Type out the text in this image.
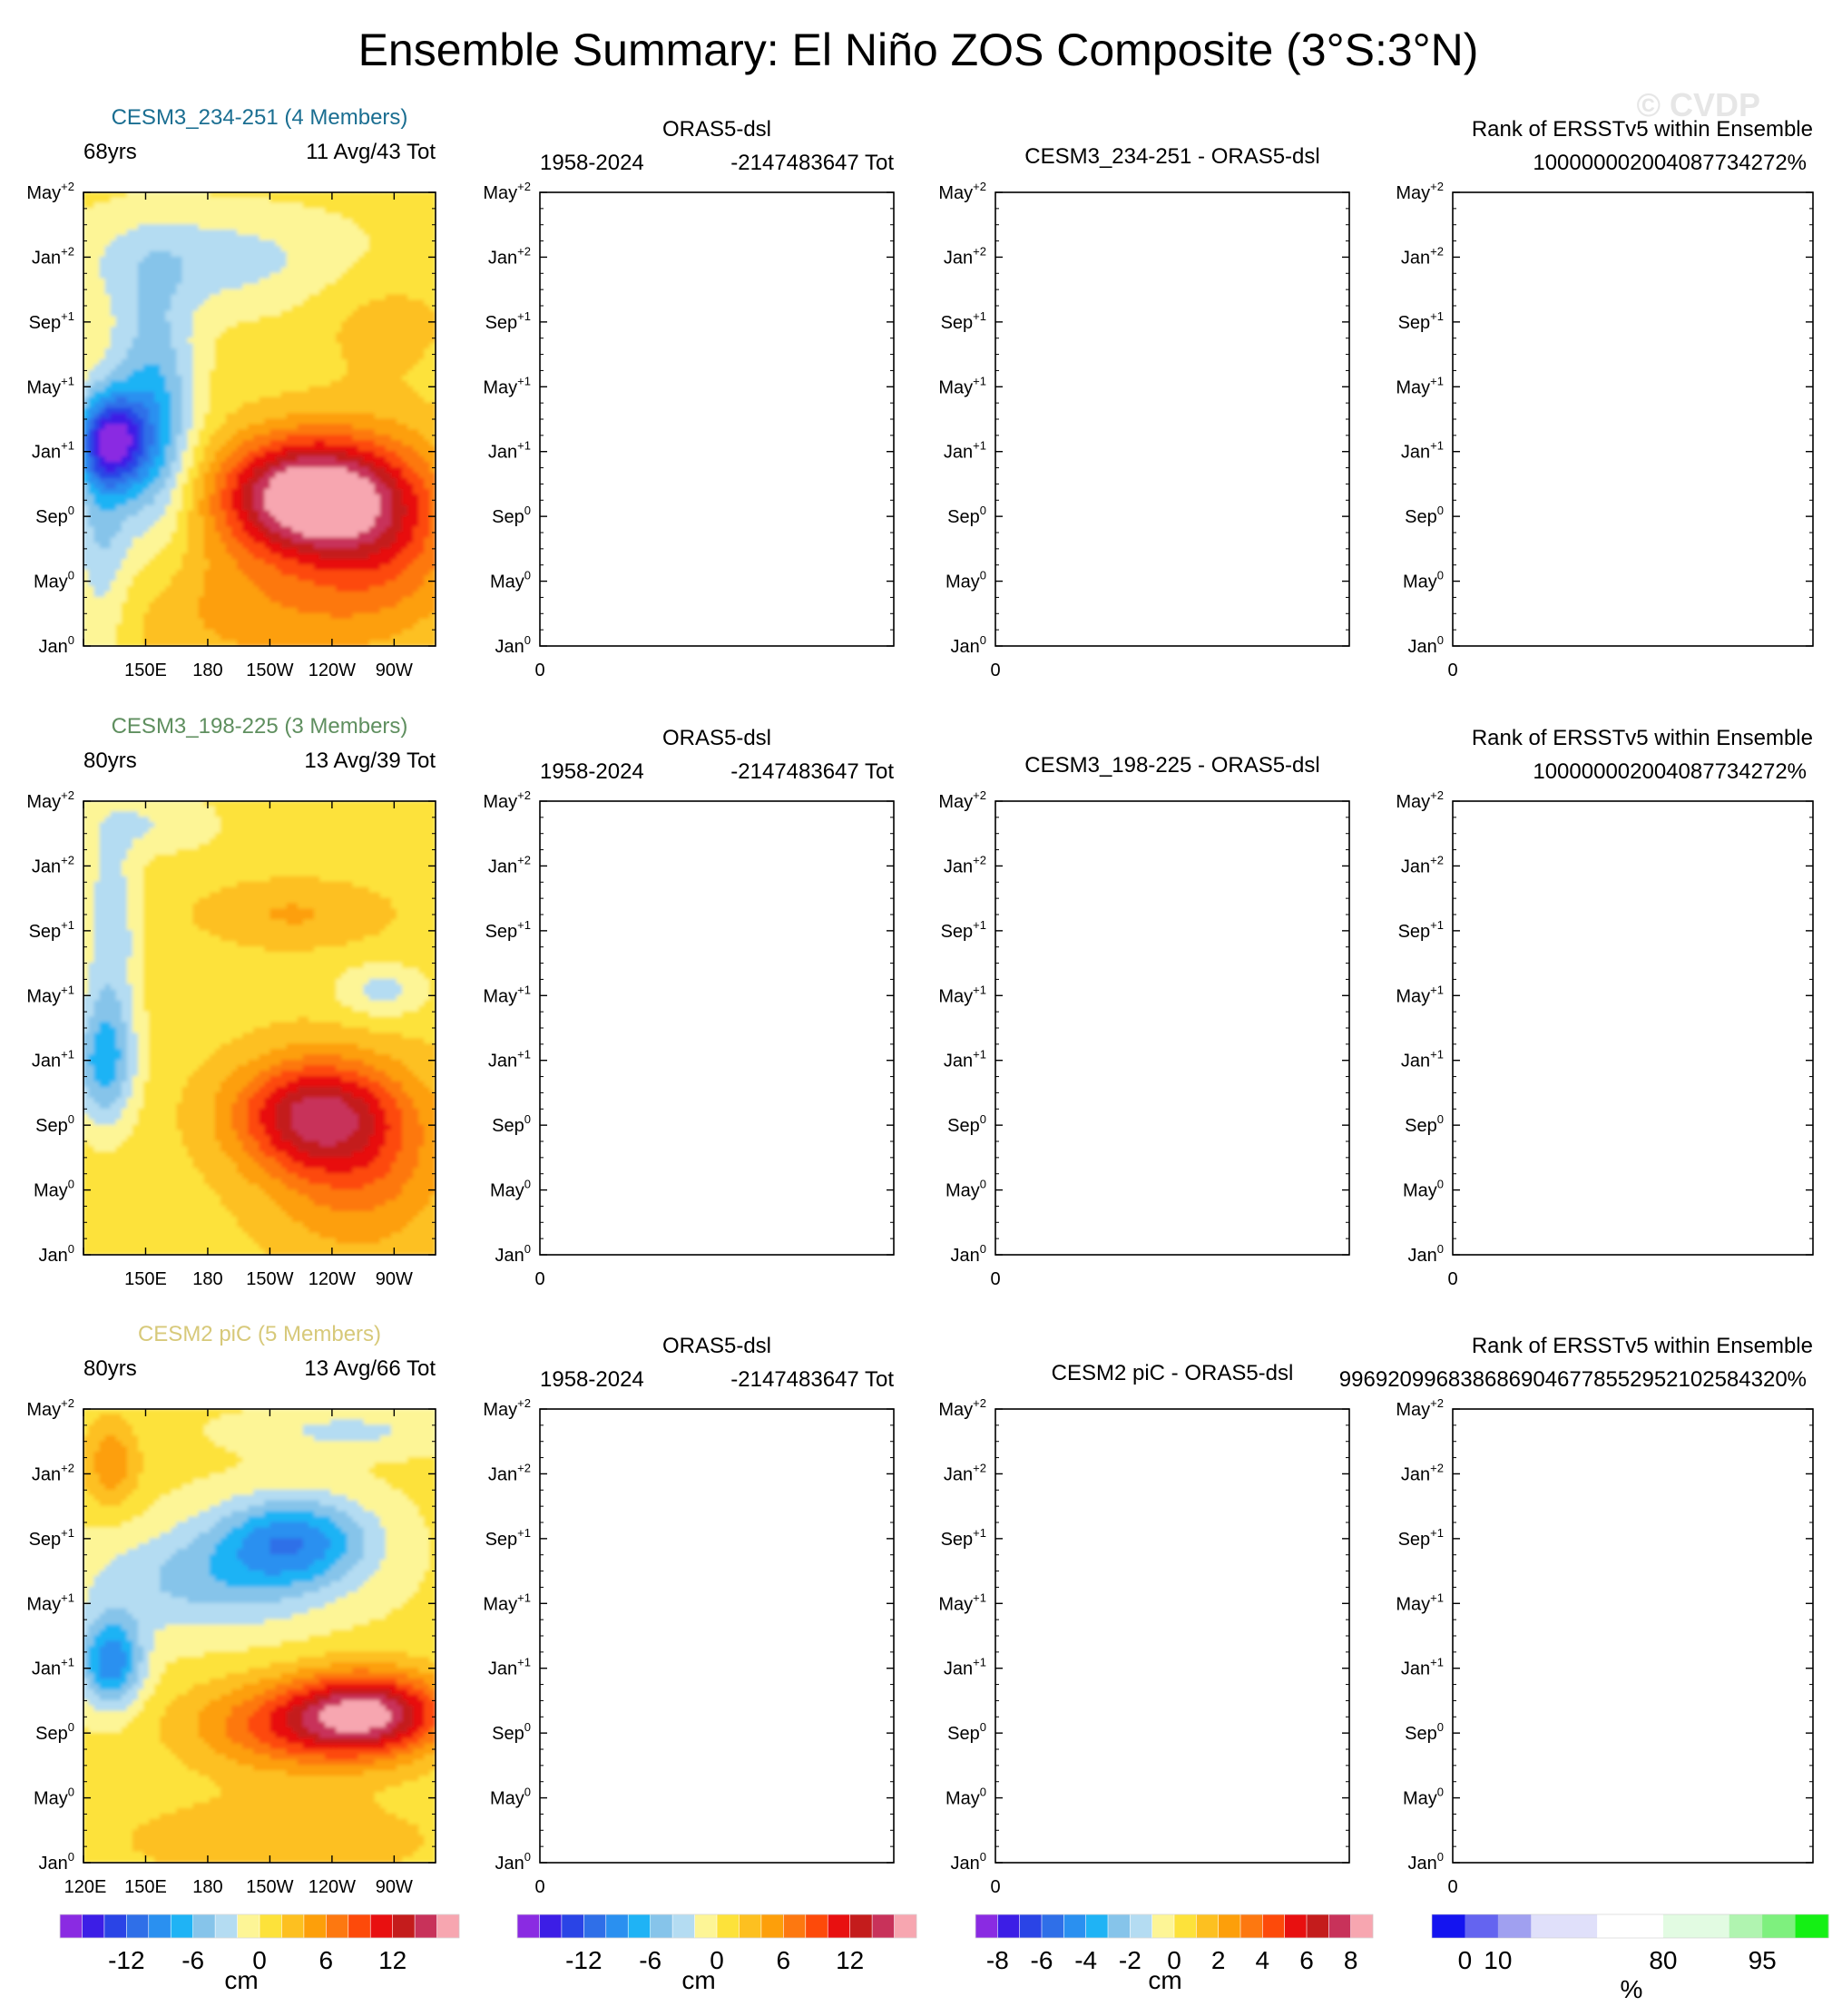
Ensemble Summary: El Niño ZOS Composite (3°S:3°N)
© CVDP
CESM3_234-251 (4 Members)
68yrs	11 Avg/43 Tot
Jan$^0$
May$^0$
Sep$^0$
Jan$^{+1}$
May$^{+1}$
Sep$^{+1}$
Jan$^{+2}$
May$^{+2}$
150E 180 150W 120W 90W
ORAS5-dsl
1958-2024	-2147483647 Tot
Jan$^0$
May$^0$
Sep$^0$
Jan$^{+1}$
May$^{+1}$
Sep$^{+1}$
Jan$^{+2}$
May$^{+2}$
0
CESM3_234-251 - ORAS5-dsl
Jan$^0$
May$^0$
Sep$^0$
Jan$^{+1}$
May$^{+1}$
Sep$^{+1}$
Jan$^{+2}$
May$^{+2}$
0
Rank of ERSSTv5 within Ensemble
100000002004087734272%
Jan$^0$
May$^0$
Sep$^0$
Jan$^{+1}$
May$^{+1}$
Sep$^{+1}$
Jan$^{+2}$
May$^{+2}$
0
CESM3_198-225 (3 Members)
80yrs	13 Avg/39 Tot
Jan$^0$
May$^0$
Sep$^0$
Jan$^{+1}$
May$^{+1}$
Sep$^{+1}$
Jan$^{+2}$
May$^{+2}$
150E 180 150W 120W 90W
ORAS5-dsl
1958-2024	-2147483647 Tot
Jan$^0$
May$^0$
Sep$^0$
Jan$^{+1}$
May$^{+1}$
Sep$^{+1}$
Jan$^{+2}$
May$^{+2}$
0
CESM3_198-225 - ORAS5-dsl
Jan$^0$
May$^0$
Sep$^0$
Jan$^{+1}$
May$^{+1}$
Sep$^{+1}$
Jan$^{+2}$
May$^{+2}$
0
Rank of ERSSTv5 within Ensemble
100000002004087734272%
Jan$^0$
May$^0$
Sep$^0$
Jan$^{+1}$
May$^{+1}$
Sep$^{+1}$
Jan$^{+2}$
May$^{+2}$
0
CESM2 piC (5 Members)
80yrs	13 Avg/66 Tot
Jan$^0$
May$^0$
Sep$^0$
Jan$^{+1}$
May$^{+1}$
Sep$^{+1}$
Jan$^{+2}$
May$^{+2}$
120E 150E 180 150W 120W 90W
ORAS5-dsl
1958-2024	-2147483647 Tot
Jan$^0$
May$^0$
Sep$^0$
Jan$^{+1}$
May$^{+1}$
Sep$^{+1}$
Jan$^{+2}$
May$^{+2}$
0
CESM2 piC - ORAS5-dsl
Jan$^0$
May$^0$
Sep$^0$
Jan$^{+1}$
May$^{+1}$
Sep$^{+1}$
Jan$^{+2}$
May$^{+2}$
0
Rank of ERSSTv5 within Ensemble
9969209968386869046778552952102584320%
Jan$^0$
May$^0$
Sep$^0$
Jan$^{+1}$
May$^{+1}$
Sep$^{+1}$
Jan$^{+2}$
May$^{+2}$
0
-12 -6 0 6 12
cm
-12 -6 0 6 12
cm
-8 -6 -4 -2 0 2 4 6 8
cm
0 10	80	95
%
